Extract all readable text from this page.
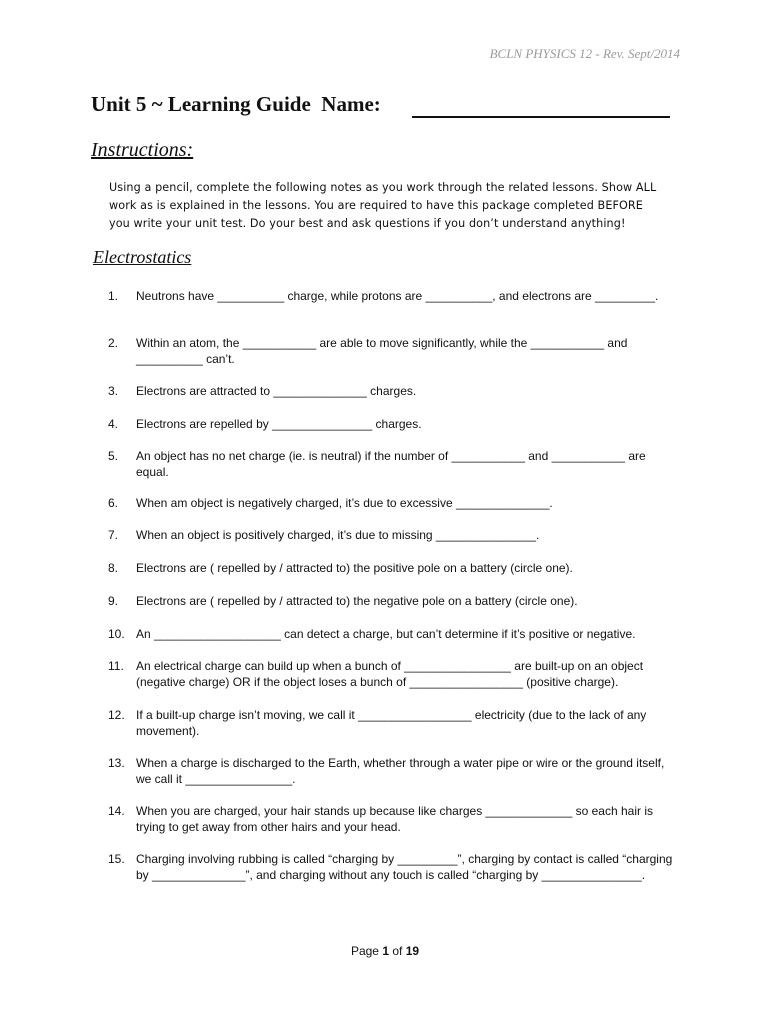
BCLN PHYSICS 12 - Rev. Sept/2014
Unit 5 ~ Learning Guide  Name:
Instructions:
Using a pencil, complete the following notes as you work through the related lessons. Show ALL work as is explained in the lessons. You are required to have this package completed BEFORE you write your unit test. Do your best and ask questions if you don’t understand anything!
Electrostatics
1.	Neutrons have __________ charge, while protons are __________, and electrons are _________.
2.	Within an atom, the ___________ are able to move significantly, while the ___________ and __________ can’t.
3.	Electrons are attracted to ______________ charges.
4.	Electrons are repelled by _______________ charges.
5.	An object has no net charge (ie. is neutral) if the number of ___________ and ___________ are equal.
6.	When am object is negatively charged, it’s due to excessive ______________.
7.	When an object is positively charged, it’s due to missing _______________.
8.	Electrons are ( repelled by / attracted to) the positive pole on a battery (circle one).
9.	Electrons are ( repelled by / attracted to) the negative pole on a battery (circle one).
10. An ___________________ can detect a charge, but can’t determine if it’s positive or negative.
11.	An electrical charge can build up when a bunch of ________________ are built-up on an object (negative charge) OR if the object loses a bunch of _________________ (positive charge).
12. If a built-up charge isn’t moving, we call it _________________ electricity (due to the lack of any movement).
13. When a charge is discharged to the Earth, whether through a water pipe or wire or the ground itself, we call it ________________.
14. When you are charged, your hair stands up because like charges _____________ so each hair is trying to get away from other hairs and your head.
15. Charging involving rubbing is called “charging by _________”, charging by contact is called “charging by ______________”, and charging without any touch is called “charging by _______________.
Page 1 of 19
